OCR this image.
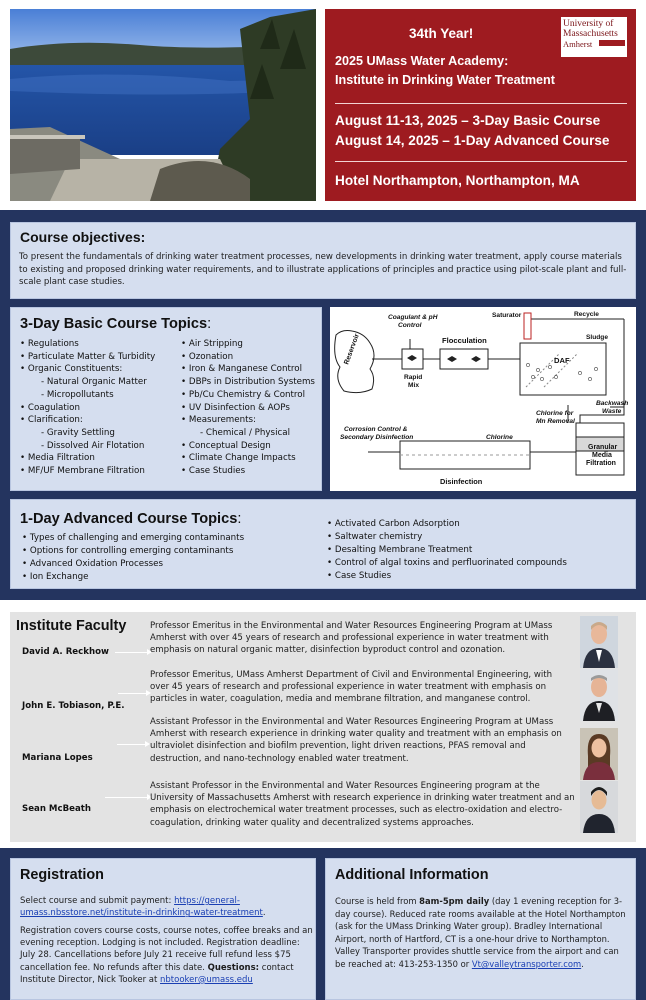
University of
Massachusetts
Amherst
34th Year!
2025 UMass Water Academy:
Institute in Drinking Water Treatment
August 11-13, 2025 – 3-Day Basic Course
August 14, 2025 – 1-Day Advanced Course
Hotel Northampton, Northampton, MA
Course objectives:
To present the fundamentals of drinking water treatment processes, new developments in drinking water treatment, apply course materials to existing and proposed drinking water requirements, and to illustrate applications of principles and practice using pilot-scale plant and full-scale plant case studies.
3-Day Basic Course Topics:
• Regulations
• Particulate Matter & Turbidity
• Organic Constituents:
- Natural Organic Matter
- Micropollutants
• Coagulation
• Clarification:
- Gravity Settling
- Dissolved Air Flotation
• Media Filtration
• MF/UF Membrane Filtration
• Air Stripping
• Ozonation
• Iron & Manganese Control
• DBPs in Distribution Systems
• Pb/Cu Chemistry & Control
• UV Disinfection & AOPs
• Measurements:
- Chemical / Physical
• Conceptual Design
• Climate Change Impacts
• Case Studies
Reservoir
Coagulant & pH
Control
Rapid
Mix
Flocculation
Saturator	Recycle
Sludge
DAF
Backwash
Waste
Chlorine for
Mn Removal
Corrosion Control &
Secondary Disinfection	Chlorine
Granular
Media
Filtration
Disinfection
1-Day Advanced Course Topics:
• Types of challenging and emerging contaminants
• Options for controlling emerging contaminants
• Advanced Oxidation Processes
• Ion Exchange
• Activated Carbon Adsorption
• Saltwater chemistry
• Desalting Membrane Treatment
• Control of algal toxins and perfluorinated compounds
• Case Studies
Institute Faculty
David A. Reckhow
Professor Emeritus in the Environmental and Water Resources Engineering Program at UMass
Amherst with over 45 years of research and professional experience in water treatment with
emphasis on natural organic matter, disinfection byproduct control and ozonation.
John E. Tobiason, P.E.
Professor Emeritus, UMass Amherst Department of Civil and Environmental Engineering, with
over 45 years of research and professional experience in water treatment with emphasis on
particles in water, coagulation, media and membrane filtration, and manganese control.
Mariana Lopes
Assistant Professor in the Environmental and Water Resources Engineering Program at UMass
Amherst with research experience in drinking water quality and treatment with an emphasis on
ultraviolet disinfection and biofilm prevention, light driven reactions, PFAS removal and
destruction, and nano-technology enabled water treatment.
Sean McBeath
Assistant Professor in the Environmental and Water Resources Engineering program at the
University of Massachusetts Amherst with research experience in drinking water treatment and an
emphasis on electrochemical water treatment processes, such as electro-oxidation and electro-
coagulation, drinking water quality and decentralized systems approaches.
Registration
Select course and submit payment: https://general-
umass.nbsstore.net/institute-in-drinking-water-treatment.
Registration covers course costs, course notes, coffee breaks and an
evening reception. Lodging is not included. Registration deadline:
July 28. Cancellations before July 21 receive full refund less $75
cancellation fee. No refunds after this date. Questions: contact
Institute Director, Nick Tooker at nbtooker@umass.edu
Additional Information
Course is held from 8am-5pm daily (day 1 evening reception for 3-
day course). Reduced rate rooms available at the Hotel Northampton
(ask for the UMass Drinking Water group). Bradley International
Airport, north of Hartford, CT is a one-hour drive to Northampton.
Valley Transporter provides shuttle service from the airport and can
be reached at: 413-253-1350 or Vt@valleytransporter.com.
